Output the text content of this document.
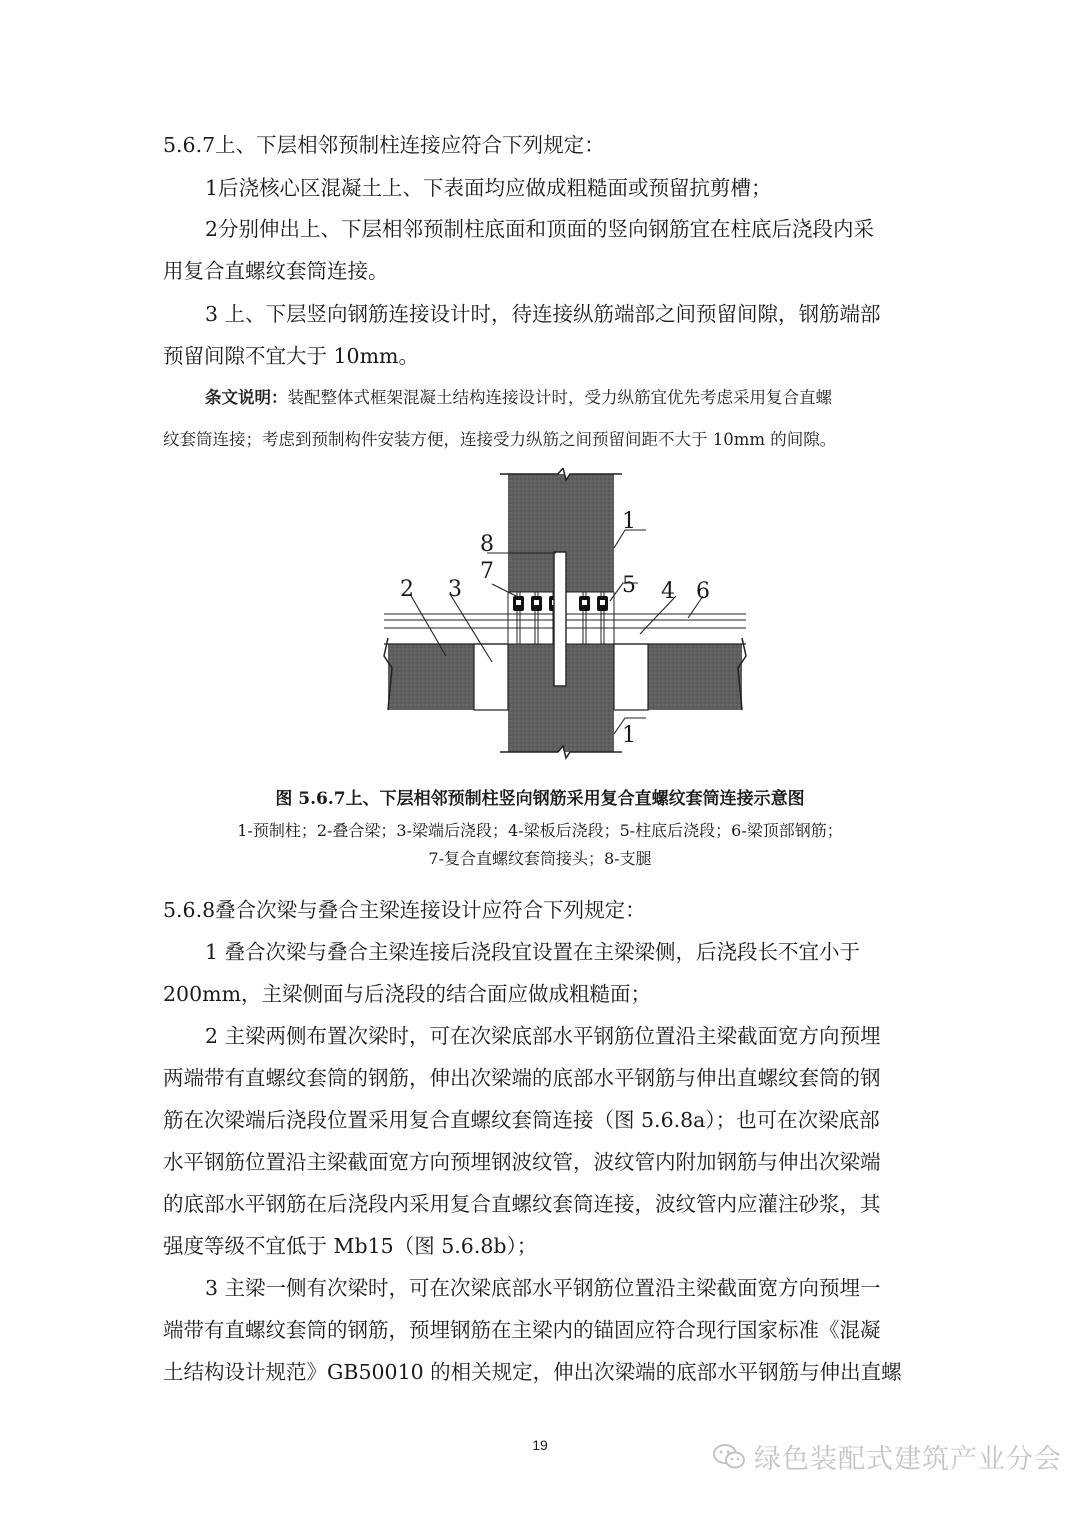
5.6.7上、下层相邻预制柱连接应符合下列规定：
1后浇核心区混凝土上、下表面均应做成粗糙面或预留抗剪槽；
2分别伸出上、下层相邻预制柱底面和顶面的竖向钢筋宜在柱底后浇段内采
用复合直螺纹套筒连接。
3 上、下层竖向钢筋连接设计时，待连接纵筋端部之间预留间隙，钢筋端部
预留间隙不宜大于 10mm。
条文说明：装配整体式框架混凝土结构连接设计时，受力纵筋宜优先考虑采用复合直螺
纹套筒连接；考虑到预制构件安装方便，连接受力纵筋之间预留间距不大于 10mm 的间隙。
1
1
2 3	4
5	6
7
8
图 5.6.7上、下层相邻预制柱竖向钢筋采用复合直螺纹套筒连接示意图
1-预制柱；2-叠合梁；3-梁端后浇段；4-梁板后浇段；5-柱底后浇段；6-梁顶部钢筋；
7-复合直螺纹套筒接头；8-支腿
5.6.8叠合次梁与叠合主梁连接设计应符合下列规定：
1 叠合次梁与叠合主梁连接后浇段宜设置在主梁梁侧，后浇段长不宜小于
200mm，主梁侧面与后浇段的结合面应做成粗糙面；
2 主梁两侧布置次梁时，可在次梁底部水平钢筋位置沿主梁截面宽方向预埋
两端带有直螺纹套筒的钢筋，伸出次梁端的底部水平钢筋与伸出直螺纹套筒的钢
筋在次梁端后浇段位置采用复合直螺纹套筒连接（图 5.6.8a）；也可在次梁底部
水平钢筋位置沿主梁截面宽方向预埋钢波纹管，波纹管内附加钢筋与伸出次梁端
的底部水平钢筋在后浇段内采用复合直螺纹套筒连接，波纹管内应灌注砂浆，其
强度等级不宜低于 Mb15（图 5.6.8b）；
3 主梁一侧有次梁时，可在次梁底部水平钢筋位置沿主梁截面宽方向预埋一
端带有直螺纹套筒的钢筋，预埋钢筋在主梁内的锚固应符合现行国家标准《混凝
土结构设计规范》GB50010 的相关规定，伸出次梁端的底部水平钢筋与伸出直螺
19	绿色装配式建筑产业分会
